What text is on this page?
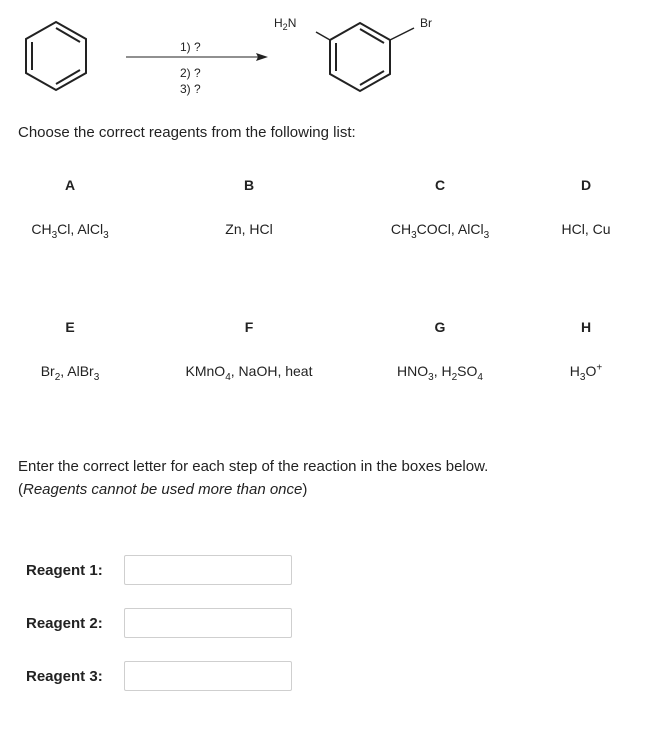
1) ?
2) ?
3) ?
$H_2N$	Br
Choose the correct reagents from the following list:
A	B	C	D
$CH_3Cl$, AlCl$_3$	Zn, HCl	$CH_3COCl$, AlCl$_3$	HCl, Cu
E	F	G	H
$Br_2$, AlBr$_3$	KMnO$_4$, NaOH, heat	$HNO_3$, $H_2SO_4$	$H_3O^+$
Enter the correct letter for each step of the reaction in the boxes below.
(Reagents cannot be used more than once)
Reagent 1:
Reagent 2:
Reagent 3:
